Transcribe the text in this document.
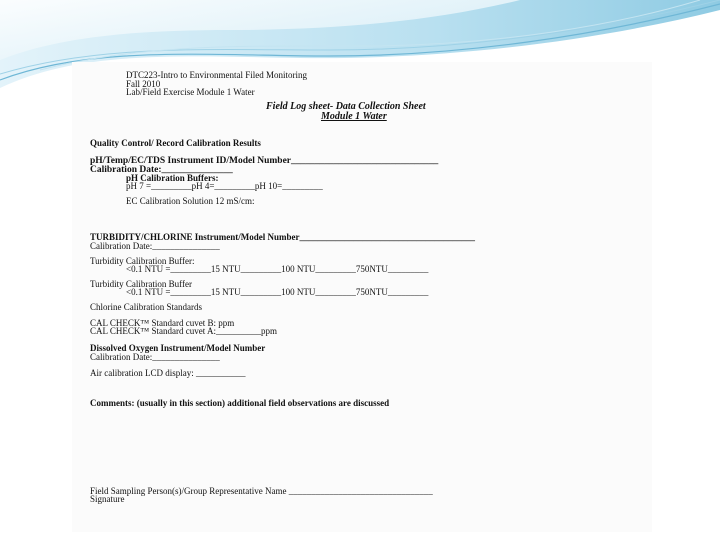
DTC223-Intro to Environmental Filed Monitoring
Fall 2010
Lab/Field Exercise Module 1 Water
Field Log sheet- Data Collection Sheet
Module 1 Water
Quality Control/ Record Calibration Results
pH/Temp/EC/TDS Instrument ID/Model Number_______________________________
Calibration Date:_______________
pH Calibration Buffers:
pH 7 =_________pH 4=_________pH 10=_________
EC Calibration Solution 12 mS/cm:
TURBIDITY/CHLORINE Instrument/Model Number_______________________________________
Calibration Date:_______________
Turbidity Calibration Buffer:
<0.1 NTU =_________15 NTU_________100 NTU_________750NTU_________
Turbidity Calibration Buffer
<0.1 NTU =_________15 NTU_________100 NTU_________750NTU_________
Chlorine Calibration Standards
CAL CHECK™ Standard cuvet B: ppm
CAL CHECK™ Standard cuvet A:__________ppm
Dissolved Oxygen Instrument/Model Number
Calibration Date:_______________
Air calibration LCD display: ___________
Comments: (usually in this section) additional field observations are discussed
Field Sampling Person(s)/Group Representative Name ________________________________
Signature
